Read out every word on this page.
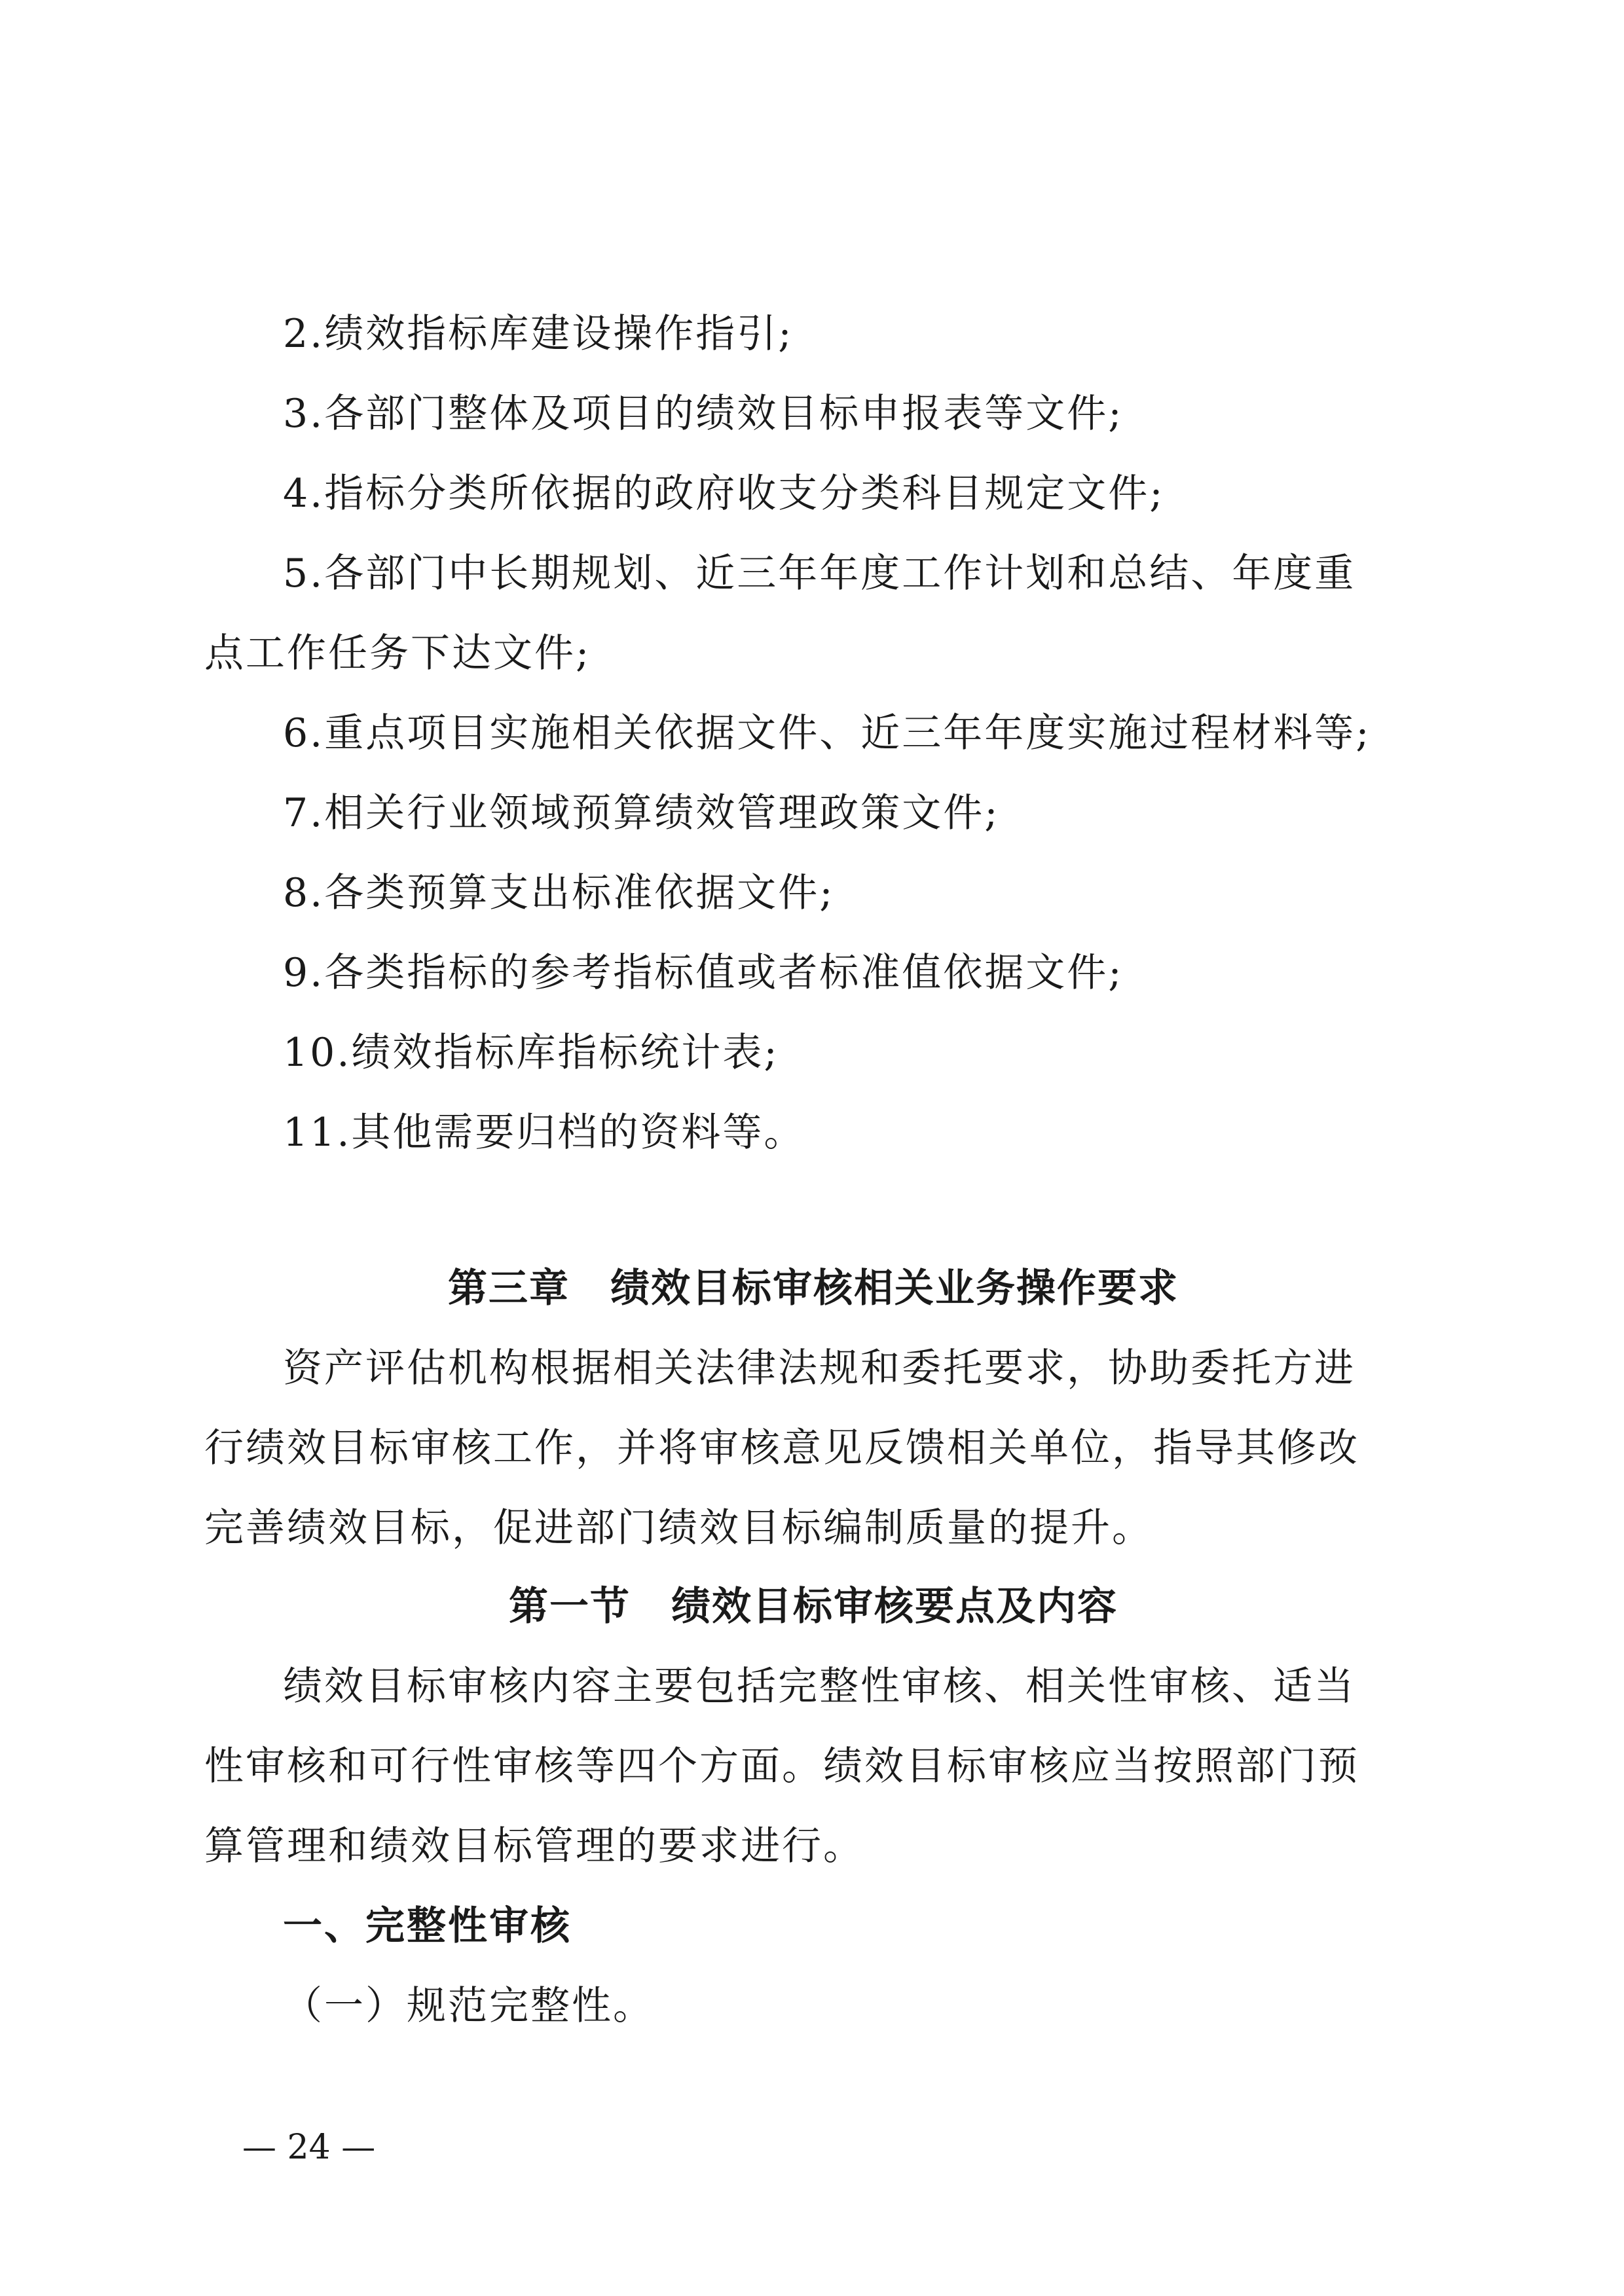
2.绩效指标库建设操作指引;
3.各部门整体及项目的绩效目标申报表等文件;
4.指标分类所依据的政府收支分类科目规定文件;
5.各部门中长期规划、近三年年度工作计划和总结、年度重
点工作任务下达文件;
6.重点项目实施相关依据文件、近三年年度实施过程材料等;
7.相关行业领域预算绩效管理政策文件;
8.各类预算支出标准依据文件;
9.各类指标的参考指标值或者标准值依据文件;
10.绩效指标库指标统计表;
11.其他需要归档的资料等。
第三章　绩效目标审核相关业务操作要求
资产评估机构根据相关法律法规和委托要求，协助委托方进
行绩效目标审核工作，并将审核意见反馈相关单位，指导其修改
完善绩效目标，促进部门绩效目标编制质量的提升。
第一节　绩效目标审核要点及内容
绩效目标审核内容主要包括完整性审核、相关性审核、适当
性审核和可行性审核等四个方面。绩效目标审核应当按照部门预
算管理和绩效目标管理的要求进行。
一、完整性审核
（一）规范完整性。
— 24 —
